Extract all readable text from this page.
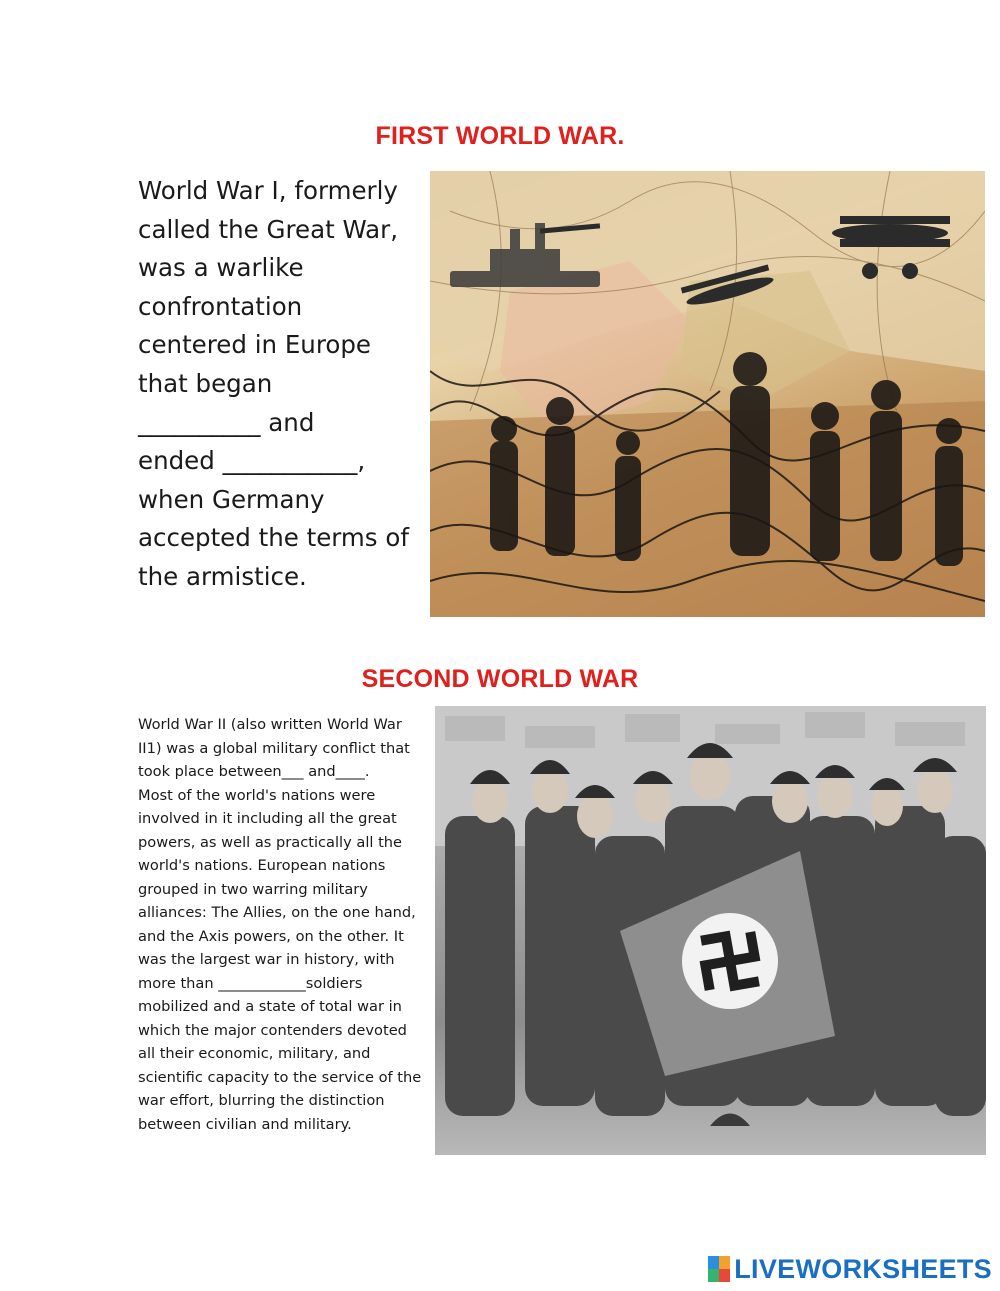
FIRST WORLD WAR.
World War I, formerly
called the Great War,
was a warlike
confrontation
centered in Europe
that began
__________ and
ended ___________,
when Germany
accepted the terms of
the armistice.
SECOND WORLD WAR
World War II (also written World War
II1) was a global military conflict that
took place between___ and____.
Most of the world's nations were
involved in it including all the great
powers, as well as practically all the
world's nations. European nations
grouped in two warring military
alliances: The Allies, on the one hand,
and the Axis powers, on the other. It
was the largest war in history, with
more than ____________soldiers
mobilized and a state of total war in
which the major contenders devoted
all their economic, military, and
scientific capacity to the service of the
war effort, blurring the distinction
between civilian and military.
LIVEWORKSHEETS
